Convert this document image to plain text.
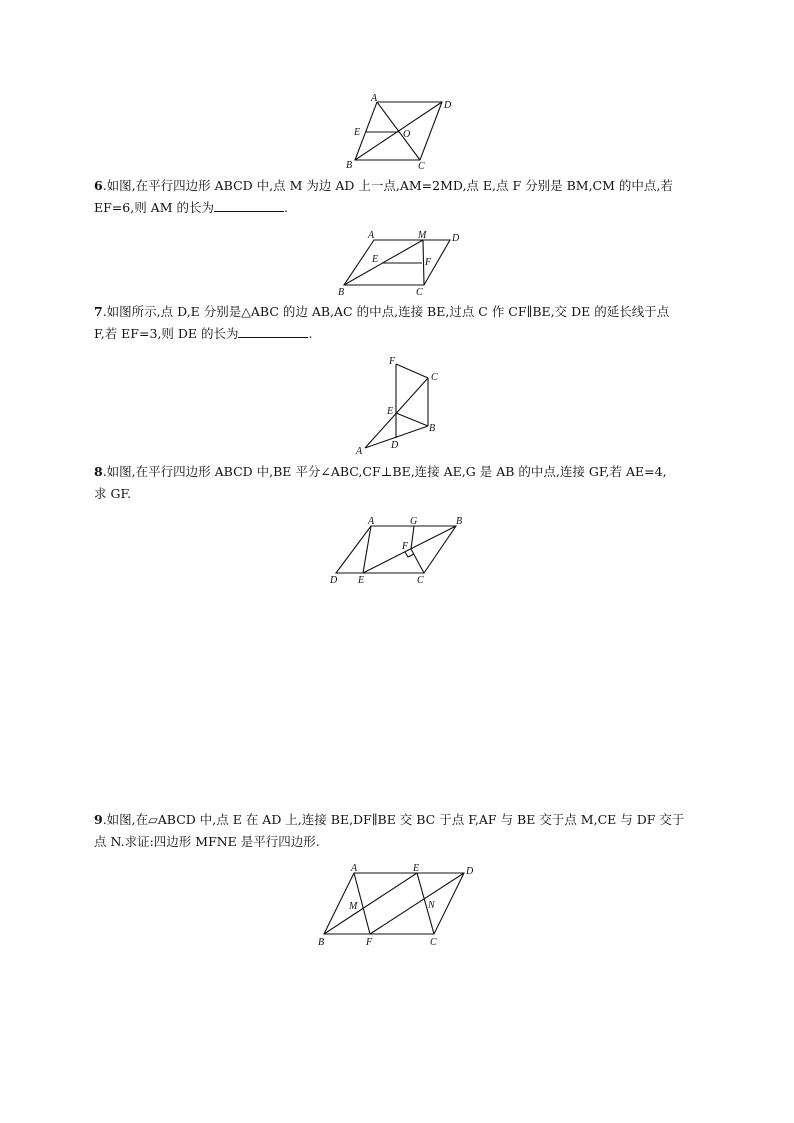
A
D
E	O
B	C

6.如图,在平行四边形 ABCD 中,点 M 为边 AD 上一点,AM=2MD,点 E,点 F 分别是 BM,CM 的中点,若
EF=6,则 AM 的长为	.

A	M	D
E	F
B	C

7.如图所示,点 D,E 分别是△ABC 的边 AB,AC 的中点,连接 BE,过点 C 作 CF∥BE,交 DE 的延长线于点
F,若 EF=3,则 DE 的长为	.

F
C
E
B
D
A

8.如图,在平行四边形 ABCD 中,BE 平分∠ABC,CF⊥BE,连接 AE,G 是 AB 的中点,连接 GF,若 AE=4,
求 GF.

A	G	B
F
D E	C

9.如图,在▱ABCD 中,点 E 在 AD 上,连接 BE,DF∥BE 交 BC 于点 F,AF 与 BE 交于点 M,CE 与 DF 交于
点 N.求证:四边形 MFNE 是平行四边形.

A	E	D
M	N
B	F	C
